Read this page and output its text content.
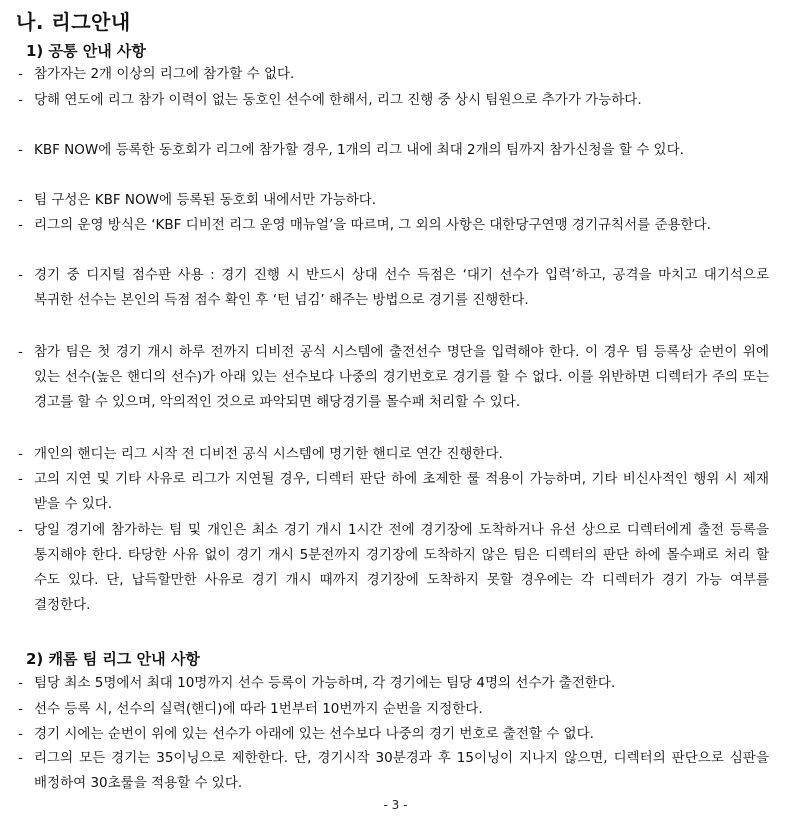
나. 리그안내
1) 공통 안내 사항
- 참가자는 2개 이상의 리그에 참가할 수 없다.
- 당해 연도에 리그 참가 이력이 없는 동호인 선수에 한해서, 리그 진행 중 상시 팀원으로 추가가 가능하다.
- KBF NOW에 등록한 동호회가 리그에 참가할 경우, 1개의 리그 내에 최대 2개의 팀까지 참가신청을 할 수 있다.
- 팀 구성은 KBF NOW에 등록된 동호회 내에서만 가능하다.
- 리그의 운영 방식은 ‘KBF 디비전 리그 운영 매뉴얼’을 따르며, 그 외의 사항은 대한당구연맹 경기규칙서를 준용한다.
- 경기 중 디지털 점수판 사용 : 경기 진행 시 반드시 상대 선수 득점은 ‘대기 선수가 입력’하고, 공격을 마치고 대기석으로 복귀한 선수는 본인의 득점 점수 확인 후 ‘턴 넘김’ 해주는 방법으로 경기를 진행한다.
- 참가 팀은 첫 경기 개시 하루 전까지 디비전 공식 시스템에 출전선수 명단을 입력해야 한다. 이 경우 팀 등록상 순번이 위에 있는 선수(높은 핸디의 선수)가 아래 있는 선수보다 나중의 경기번호로 경기를 할 수 없다. 이를 위반하면 디렉터가 주의 또는 경고를 할 수 있으며, 악의적인 것으로 파악되면 해당경기를 몰수패 처리할 수 있다.
- 개인의 핸디는 리그 시작 전 디비전 공식 시스템에 명기한 핸디로 연간 진행한다.
- 고의 지연 및 기타 사유로 리그가 지연될 경우, 디렉터 판단 하에 초제한 룰 적용이 가능하며, 기타 비신사적인 행위 시 제재 받을 수 있다.
- 당일 경기에 참가하는 팀 및 개인은 최소 경기 개시 1시간 전에 경기장에 도착하거나 유선 상으로 디렉터에게 출전 등록을 통지해야 한다. 타당한 사유 없이 경기 개시 5분전까지 경기장에 도착하지 않은 팀은 디렉터의 판단 하에 몰수패로 처리 할 수도 있다. 단, 납득할만한 사유로 경기 개시 때까지 경기장에 도착하지 못할 경우에는 각 디렉터가 경기 가능 여부를 결정한다.
2) 캐롬 팀 리그 안내 사항
- 팀당 최소 5명에서 최대 10명까지 선수 등록이 가능하며, 각 경기에는 팀당 4명의 선수가 출전한다.
- 선수 등록 시, 선수의 실력(핸디)에 따라 1번부터 10번까지 순번을 지정한다.
- 경기 시에는 순번이 위에 있는 선수가 아래에 있는 선수보다 나중의 경기 번호로 출전할 수 없다.
- 리그의 모든 경기는 35이닝으로 제한한다. 단, 경기시작 30분경과 후 15이닝이 지나지 않으면, 디렉터의 판단으로 심판을 배정하여 30초룰을 적용할 수 있다.
- 3 -
